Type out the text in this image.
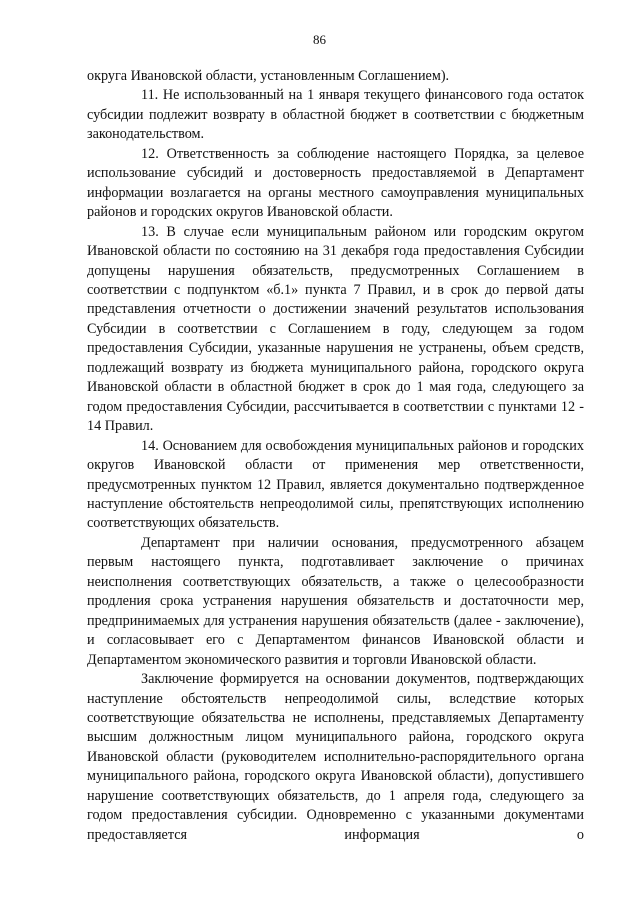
86

округа Ивановской области, установленным Соглашением).

11. Не использованный на 1 января текущего финансового года остаток субсидии подлежит возврату в областной бюджет в соответствии с бюджетным законодательством.

12. Ответственность за соблюдение настоящего Порядка, за целевое использование субсидий и достоверность предоставляемой в Департамент информации возлагается на органы местного самоуправления муниципальных районов и городских округов Ивановской области.

13. В случае если муниципальным районом или городским округом Ивановской области по состоянию на 31 декабря года предоставления Субсидии допущены нарушения обязательств, предусмотренных Соглашением в соответствии с подпунктом «б.1» пункта 7 Правил, и в срок до первой даты представления отчетности о достижении значений результатов использования Субсидии в соответствии с Соглашением в году, следующем за годом предоставления Субсидии, указанные нарушения не устранены, объем средств, подлежащий возврату из бюджета муниципального района, городского округа Ивановской области в областной бюджет в срок до 1 мая года, следующего за годом предоставления Субсидии, рассчитывается в соответствии с пунктами 12 - 14 Правил.

14. Основанием для освобождения муниципальных районов и городских округов Ивановской области от применения мер ответственности, предусмотренных пунктом 12 Правил, является документально подтвержденное наступление обстоятельств непреодолимой силы, препятствующих исполнению соответствующих обязательств.

Департамент при наличии основания, предусмотренного абзацем первым настоящего пункта, подготавливает заключение о причинах неисполнения соответствующих обязательств, а также о целесообразности продления срока устранения нарушения обязательств и достаточности мер, предпринимаемых для устранения нарушения обязательств (далее - заключение), и согласовывает его с Департаментом финансов Ивановской области и Департаментом экономического развития и торговли Ивановской области.

Заключение формируется на основании документов, подтверждающих наступление обстоятельств непреодолимой силы, вследствие которых соответствующие обязательства не исполнены, представляемых Департаменту высшим должностным лицом муниципального района, городского округа Ивановской области (руководителем исполнительно-распорядительного органа муниципального района, городского округа Ивановской области), допустившего нарушение соответствующих обязательств, до 1 апреля года, следующего за годом предоставления субсидии. Одновременно с указанными документами предоставляется информация о
